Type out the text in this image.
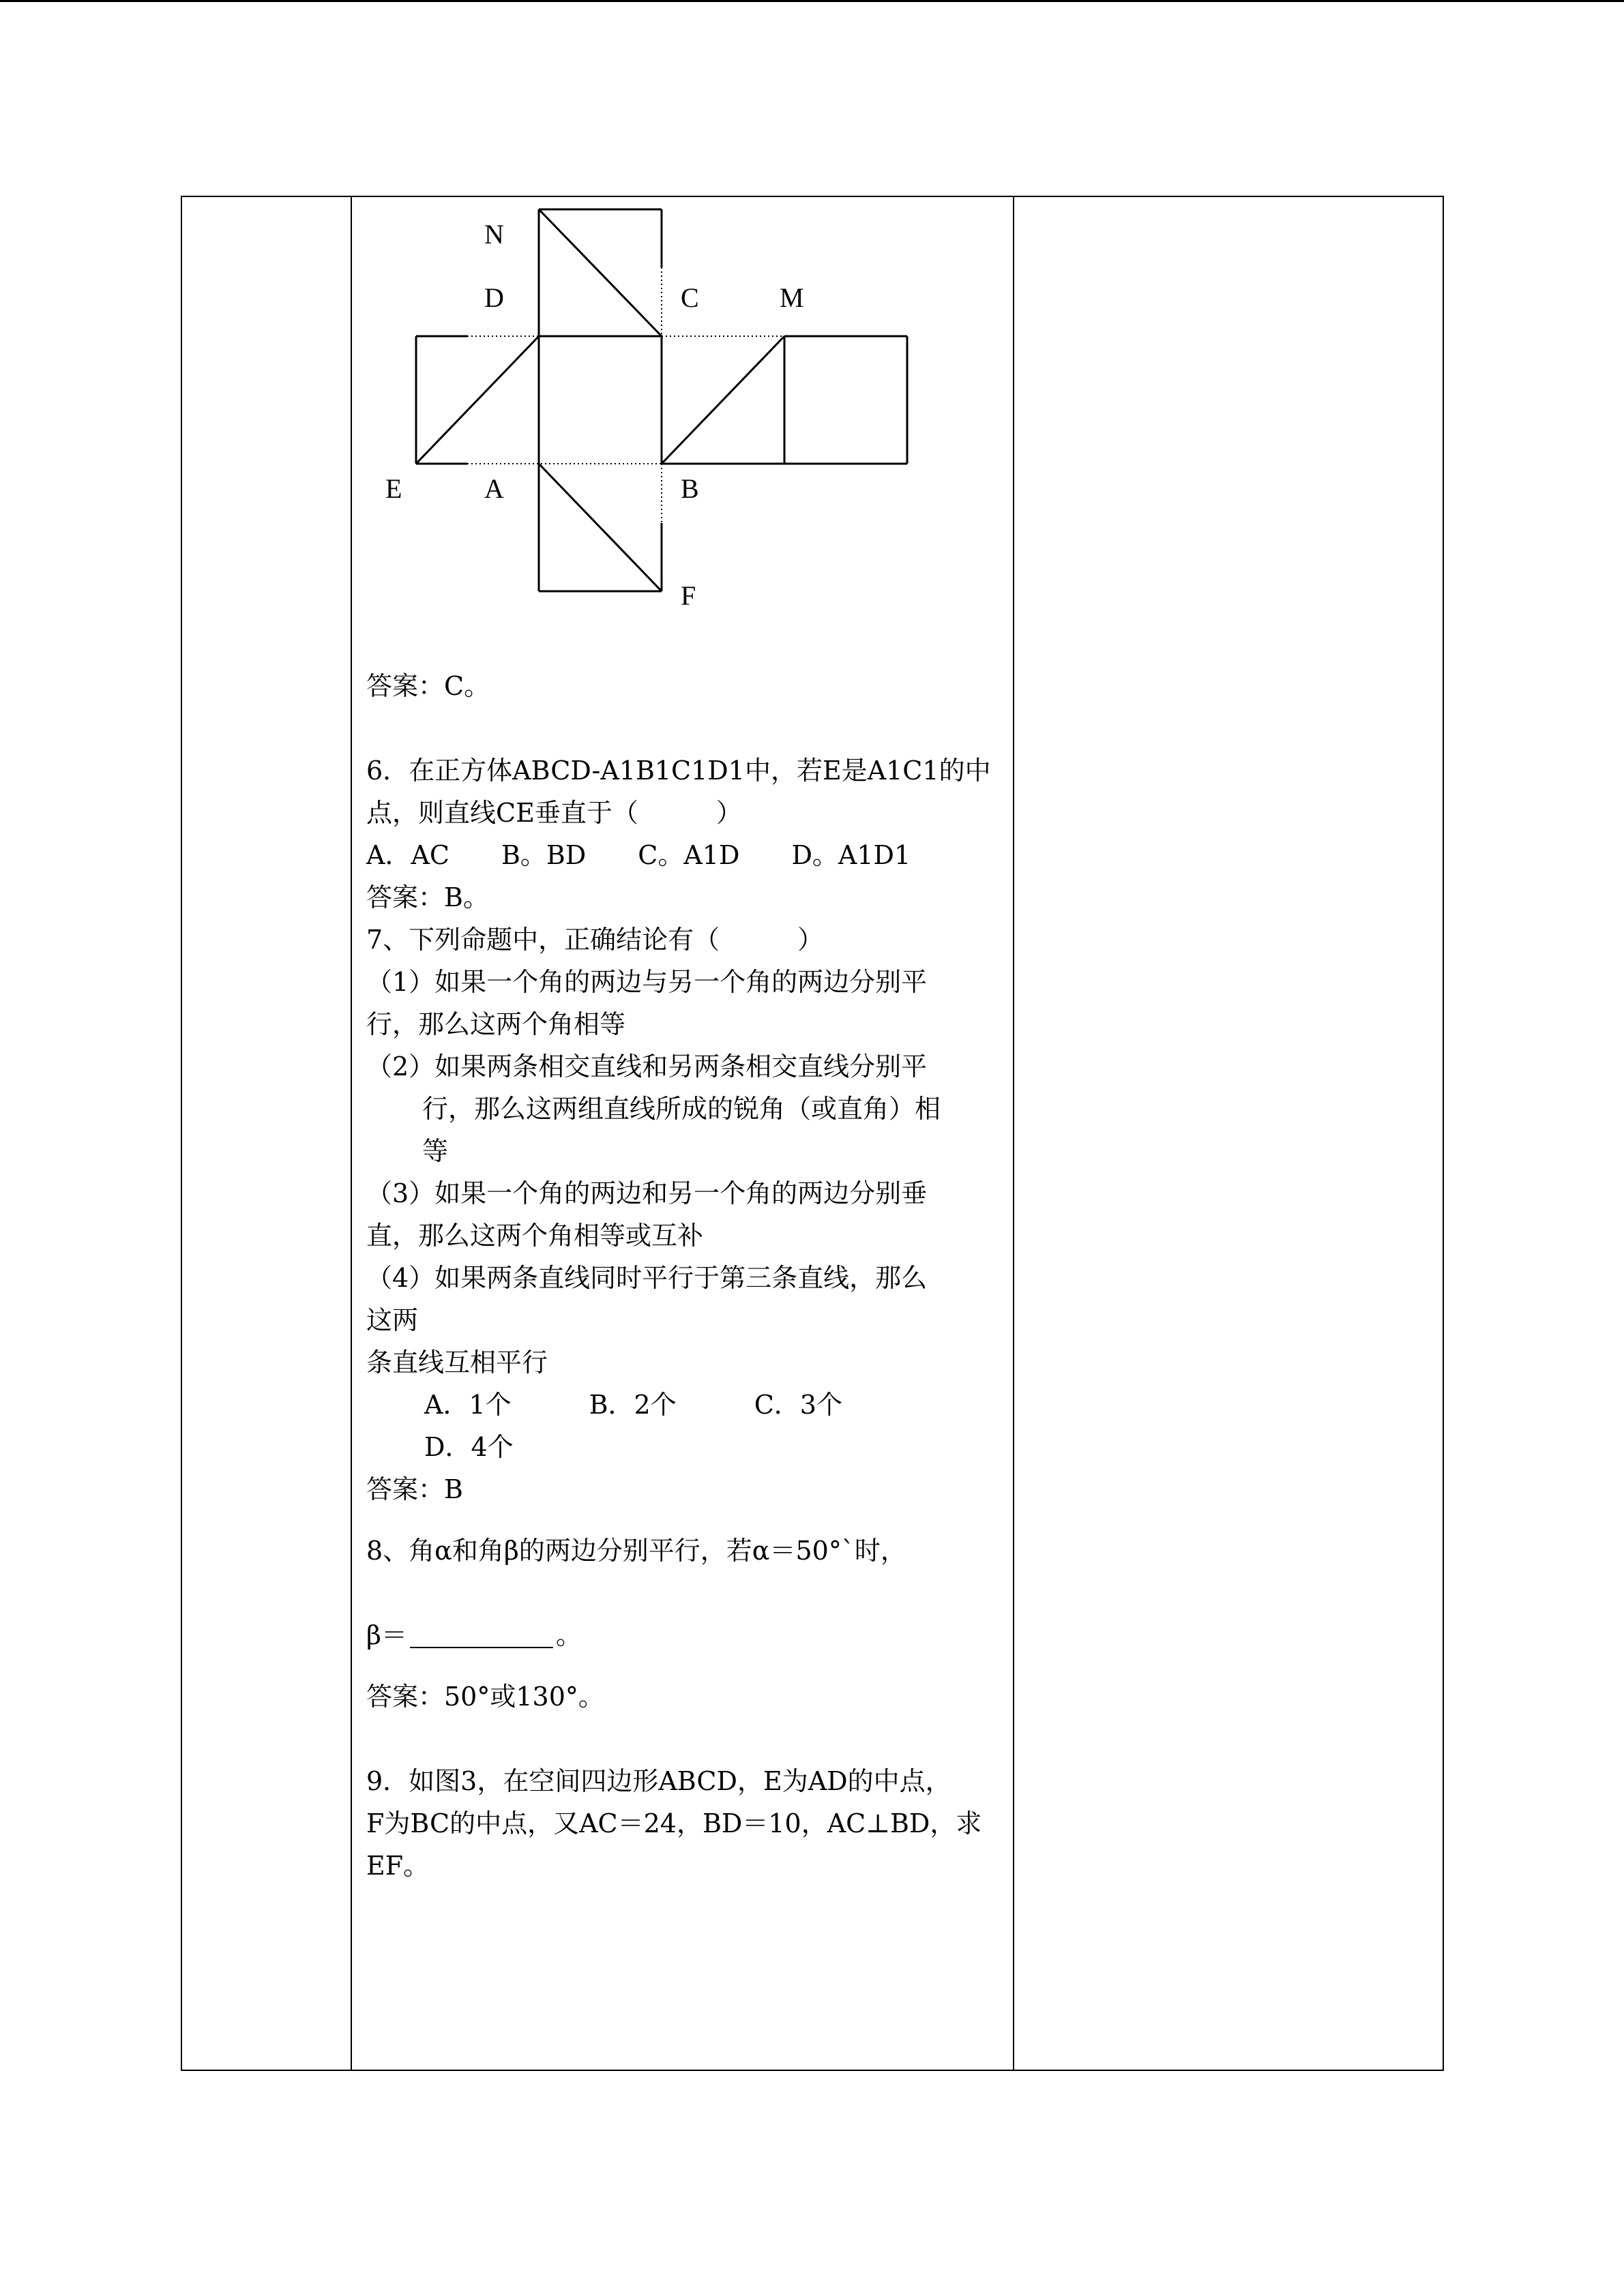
N
D	C	M
E	A	B
F
答案：C。
6．在正方体ABCD-A1B1C1D1中，若E是A1C1的中
点，则直线CE垂直于（　　　）
A．AC　　B。BD　　C。A1D　　D。A1D1
答案：B。
7、下列命题中，正确结论有（　　　）
（1）如果一个角的两边与另一个角的两边分别平
行，那么这两个角相等
（2）如果两条相交直线和另两条相交直线分别平
行，那么这两组直线所成的锐角（或直角）相
等
（3）如果一个角的两边和另一个角的两边分别垂
直，那么这两个角相等或互补
（4）如果两条直线同时平行于第三条直线，那么
这两
条直线互相平行
A．1个　　　B．2个　　　C．3个
D．4个
答案：B
8、角α和角β的两边分别平行，若α＝50°`时，
β＝	。
答案：50°或130°。
9．如图3，在空间四边形ABCD，E为AD的中点，
F为BC的中点，又AC＝24，BD＝10，AC⊥BD，求
EF。
